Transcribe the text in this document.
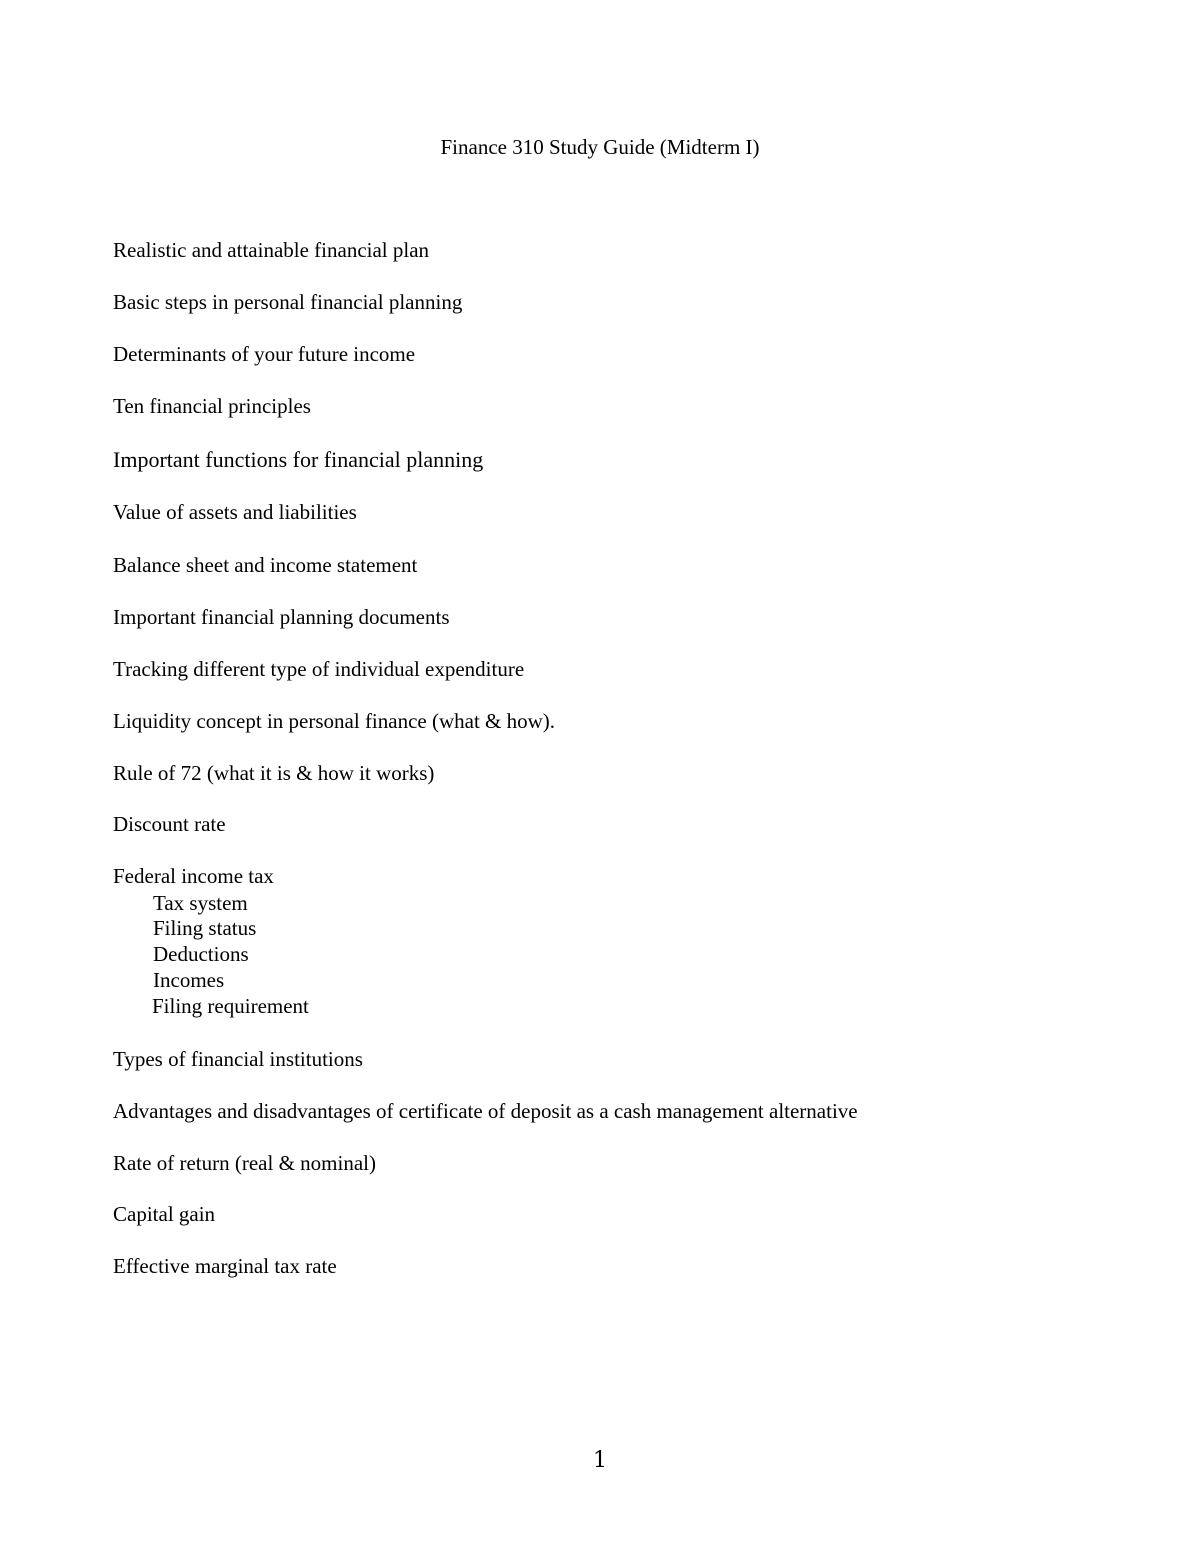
Finance 310 Study Guide (Midterm I)
Realistic and attainable financial plan
Basic steps in personal financial planning
Determinants of your future income
Ten financial principles
Important functions for financial planning
Value of assets and liabilities
Balance sheet and income statement
Important financial planning documents
Tracking different type of individual expenditure
Liquidity concept in personal finance (what & how).
Rule of 72 (what it is & how it works)
Discount rate
Federal income tax
Tax system
Filing status
Deductions
Incomes
Filing requirement
Types of financial institutions
Advantages and disadvantages of certificate of deposit as a cash management alternative
Rate of return (real & nominal)
Capital gain
Effective marginal tax rate
1
